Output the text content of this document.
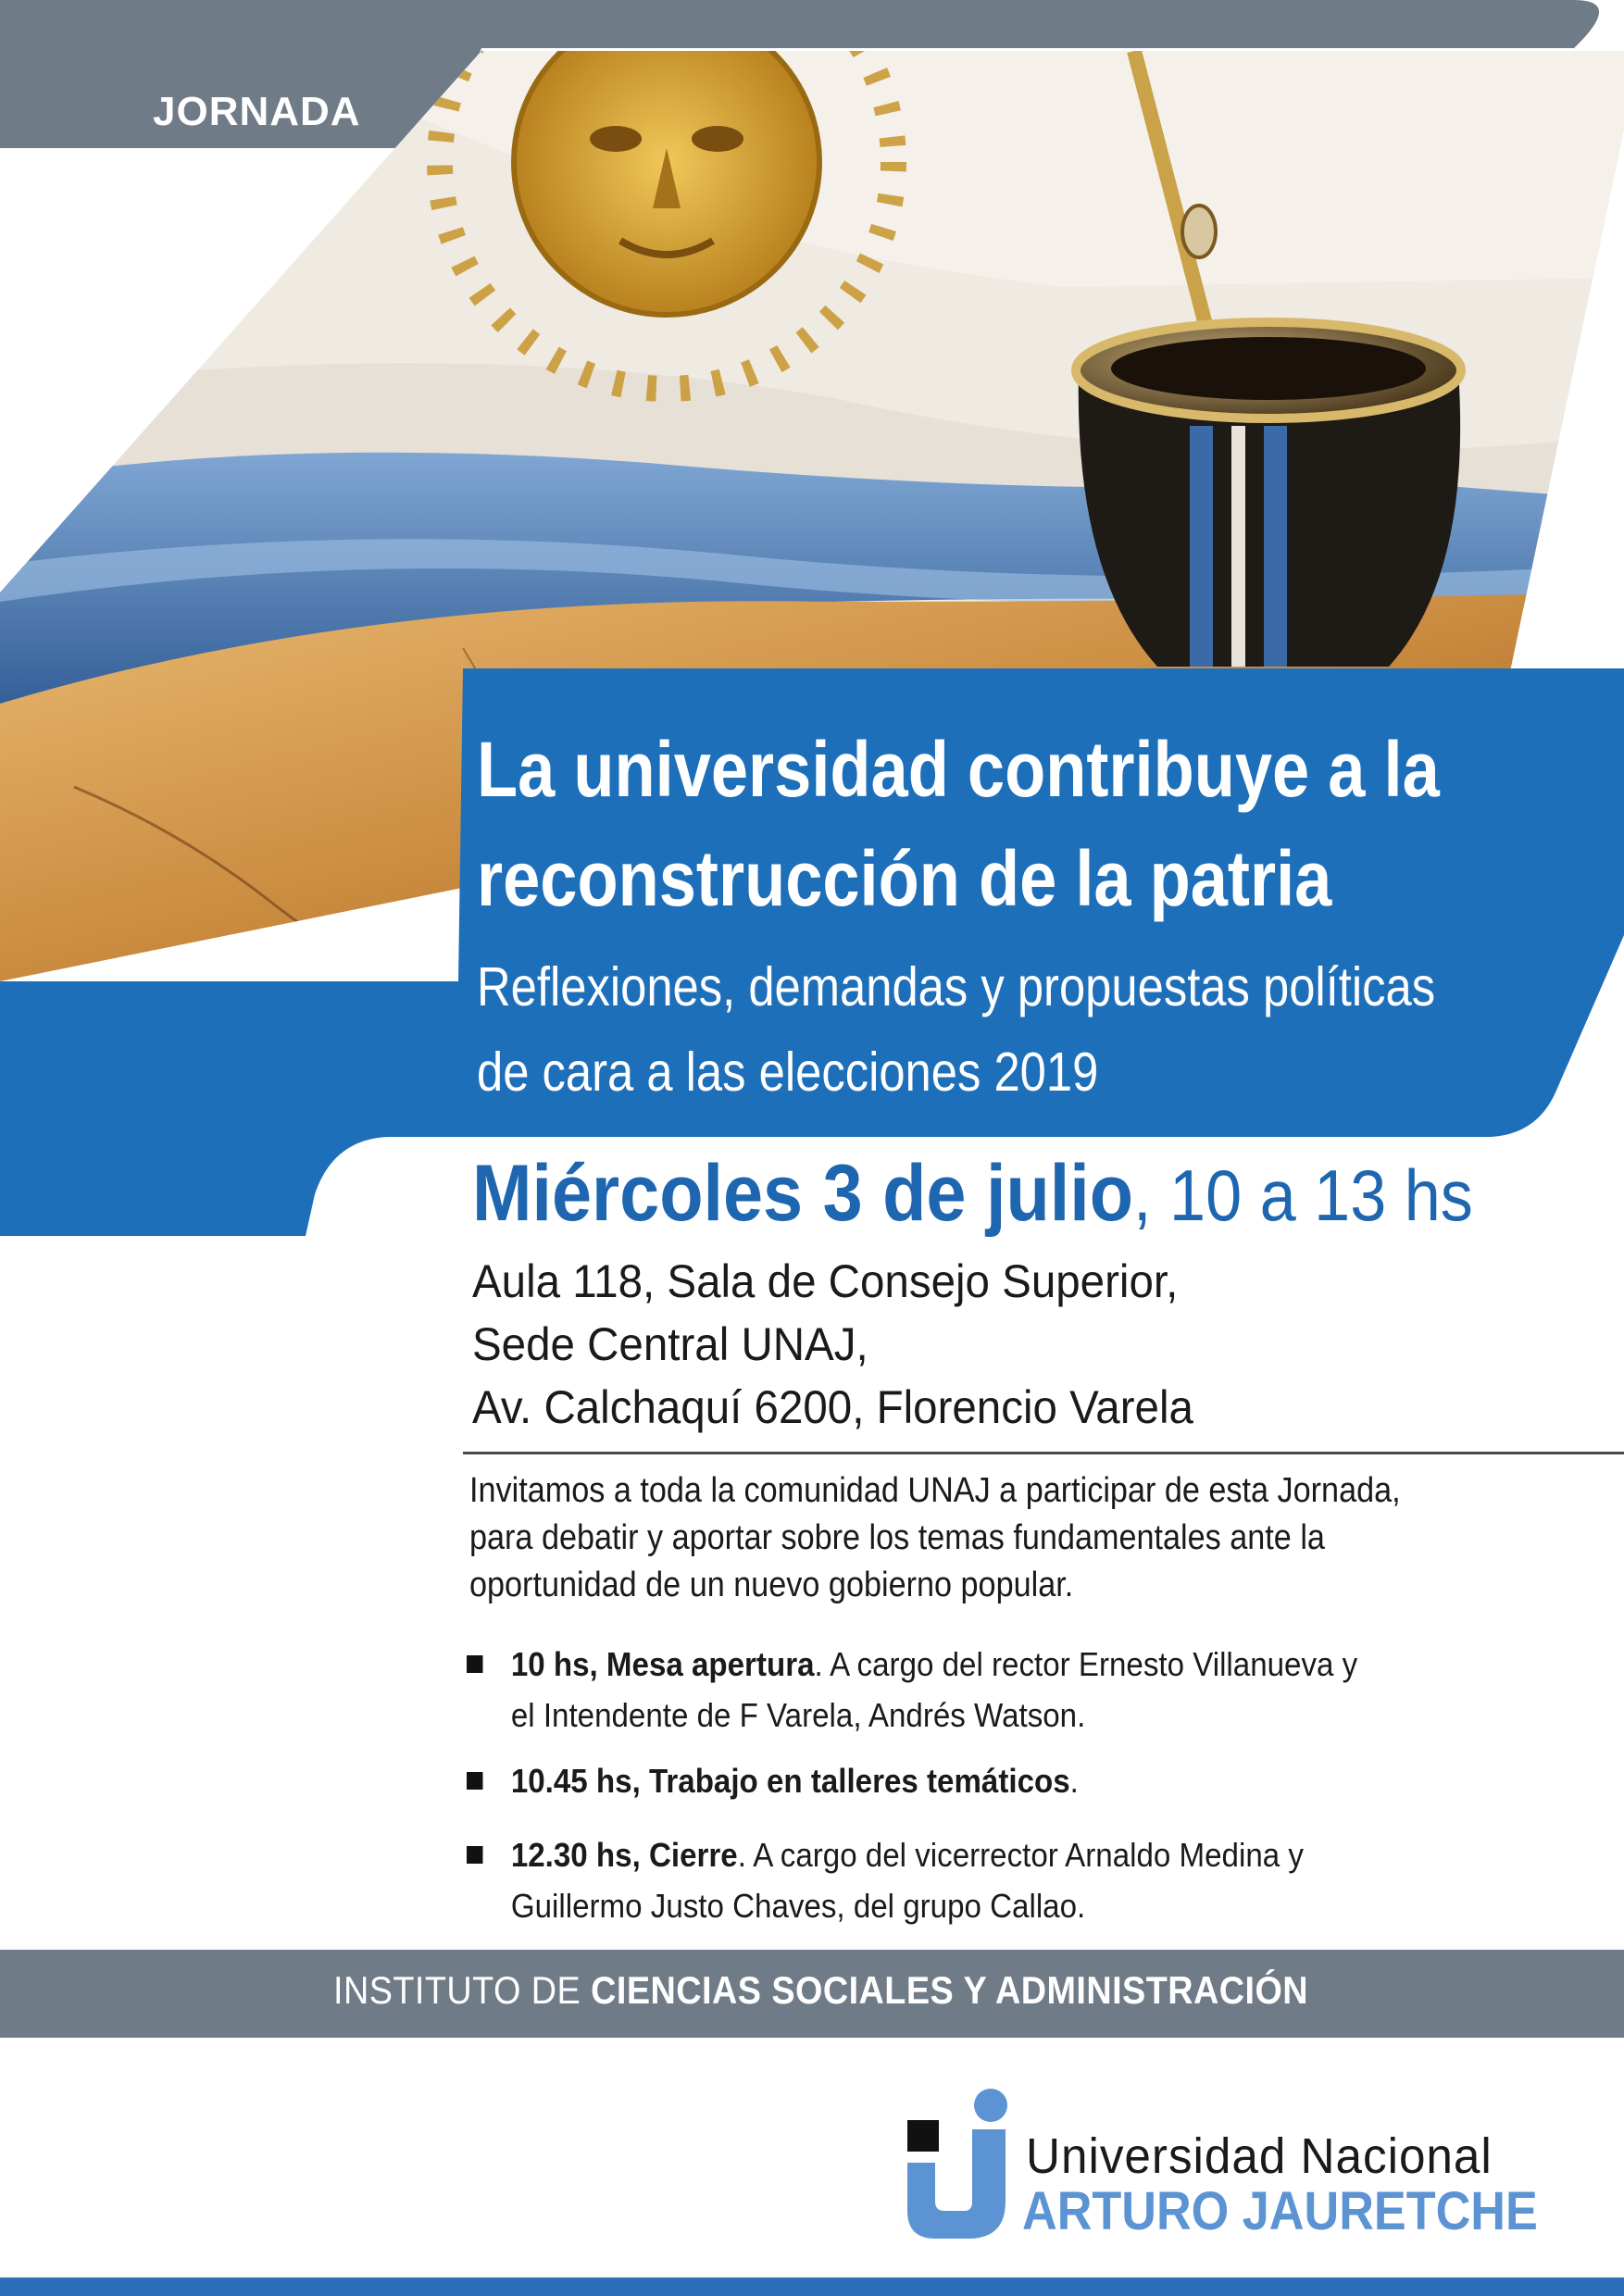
JORNADA
La universidad contribuye a la
reconstrucción de la patria
Reflexiones, demandas y propuestas políticas
de cara a las elecciones 2019
Miércoles 3 de julio, 10 a 13 hs
Aula 118, Sala de Consejo Superior,
Sede Central UNAJ,
Av. Calchaquí 6200, Florencio Varela
Invitamos a toda la comunidad UNAJ a participar de esta Jornada,
para debatir y aportar sobre los temas fundamentales ante la
oportunidad de un nuevo gobierno popular.
10 hs, Mesa apertura. A cargo del rector Ernesto Villanueva y
el Intendente de F Varela, Andrés Watson.
10.45 hs, Trabajo en talleres temáticos.
12.30 hs, Cierre. A cargo del vicerrector Arnaldo Medina y
Guillermo Justo Chaves, del grupo Callao.
INSTITUTO DE CIENCIAS SOCIALES Y ADMINISTRACIÓN
Universidad Nacional
ARTURO JAURETCHE
